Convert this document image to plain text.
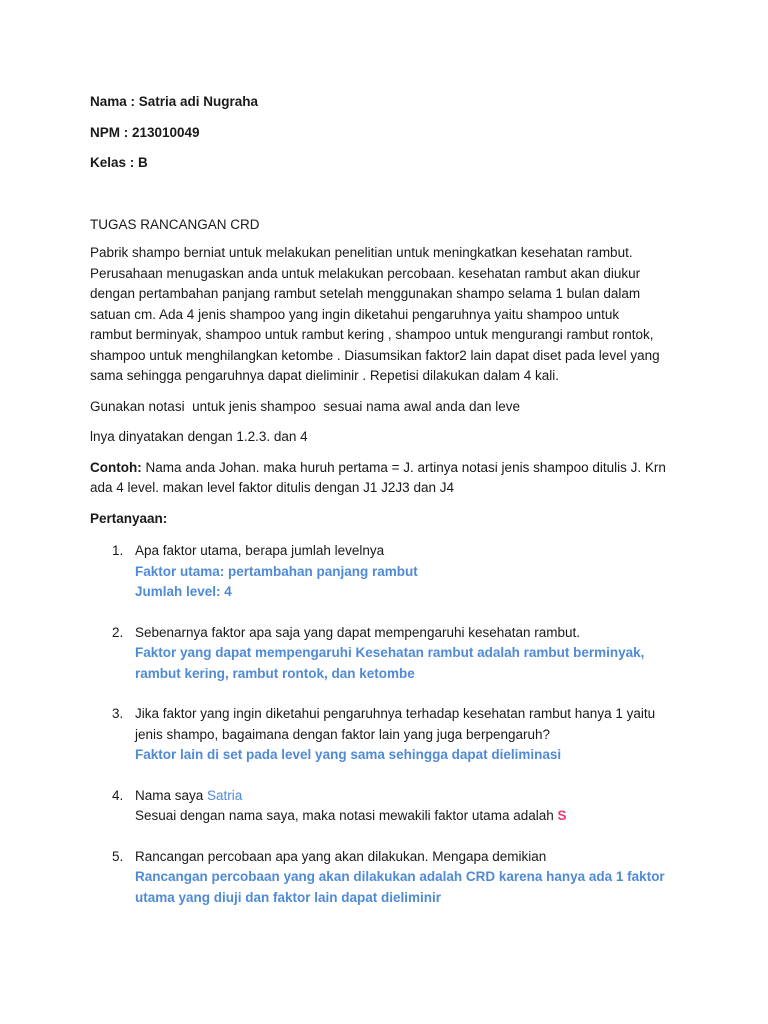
Nama : Satria adi Nugraha

NPM : 213010049

Kelas : B

TUGAS RANCANGAN CRD

Pabrik shampo berniat untuk melakukan penelitian untuk meningkatkan kesehatan rambut.
Perusahaan menugaskan anda untuk melakukan percobaan. kesehatan rambut akan diukur
dengan pertambahan panjang rambut setelah menggunakan shampo selama 1 bulan dalam
satuan cm. Ada 4 jenis shampoo yang ingin diketahui pengaruhnya yaitu shampoo untuk
rambut berminyak, shampoo untuk rambut kering , shampoo untuk mengurangi rambut rontok,
shampoo untuk menghilangkan ketombe . Diasumsikan faktor2 lain dapat diset pada level yang
sama sehingga pengaruhnya dapat dieliminir . Repetisi dilakukan dalam 4 kali.

Gunakan notasi  untuk jenis shampoo  sesuai nama awal anda dan leve

lnya dinyatakan dengan 1.2.3. dan 4

Contoh: Nama anda Johan. maka huruh pertama = J. artinya notasi jenis shampoo ditulis J. Krn
ada 4 level. makan level faktor ditulis dengan J1 J2J3 dan J4

Pertanyaan:

1. Apa faktor utama, berapa jumlah levelnya
Faktor utama: pertambahan panjang rambut
Jumlah level: 4
2. Sebenarnya faktor apa saja yang dapat mempengaruhi kesehatan rambut.
Faktor yang dapat mempengaruhi Kesehatan rambut adalah rambut berminyak,
rambut kering, rambut rontok, dan ketombe
3. Jika faktor yang ingin diketahui pengaruhnya terhadap kesehatan rambut hanya 1 yaitu
jenis shampo, bagaimana dengan faktor lain yang juga berpengaruh?
Faktor lain di set pada level yang sama sehingga dapat dieliminasi
4. Nama saya Satria
Sesuai dengan nama saya, maka notasi mewakili faktor utama adalah S
5. Rancangan percobaan apa yang akan dilakukan. Mengapa demikian
Rancangan percobaan yang akan dilakukan adalah CRD karena hanya ada 1 faktor
utama yang diuji dan faktor lain dapat dieliminir
